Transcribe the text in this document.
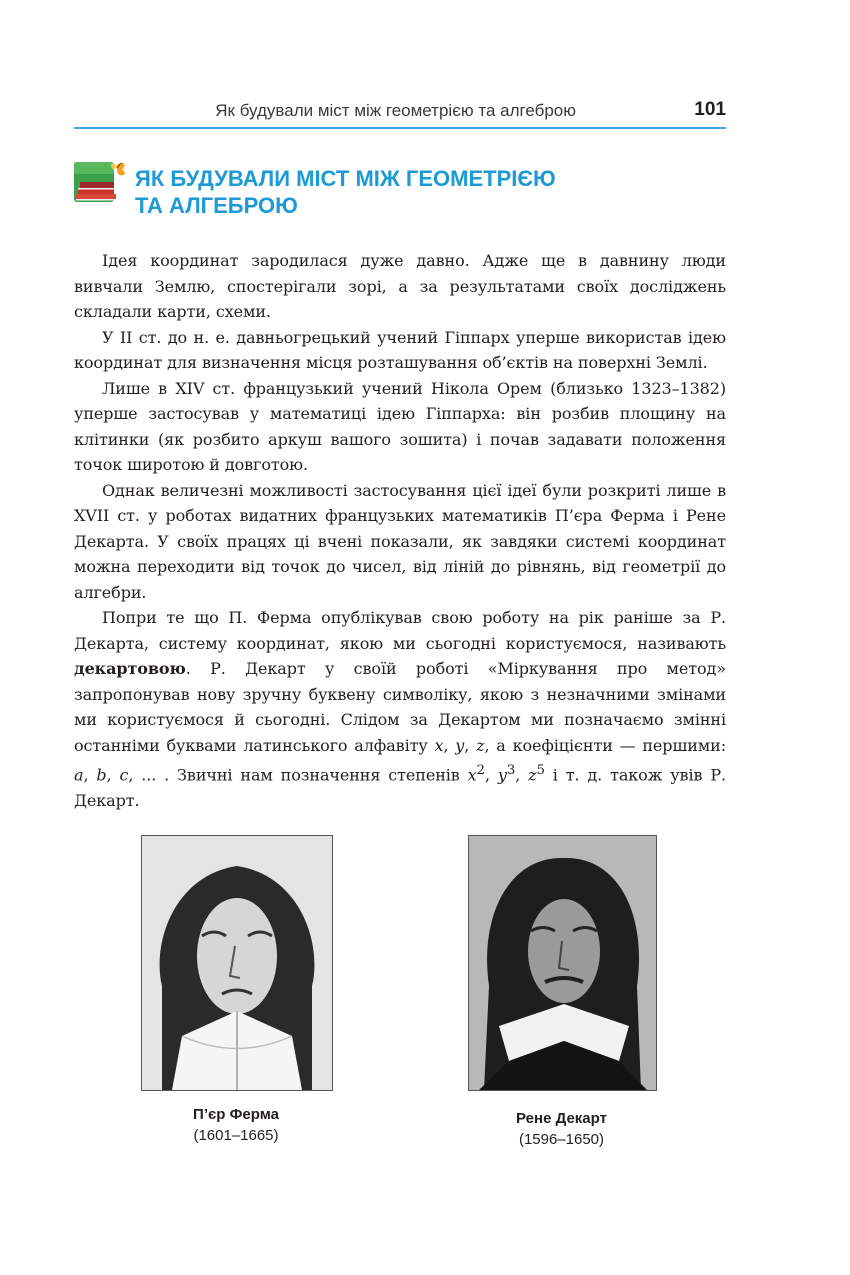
Як будували міст між геометрією та алгеброю	101
ЯК БУДУВАЛИ МІСТ МІЖ ГЕОМЕТРІЄЮ
ТА АЛГЕБРОЮ

Ідея координат зародилася дуже давно. Адже ще в давнину люди вивчали Землю, спостерігали зорі, а за результатами своїх досліджень складали карти, схеми.

У ІІ ст. до н. е. давньогрецький учений Гіппарх уперше використав ідею координат для визначення місця розташування об’єктів на поверхні Землі.

Лише в XIV ст. французький учений Нікола Орем (близько 1323–1382) уперше застосував у математиці ідею Гіппарха: він розбив площину на клітинки (як розбито аркуш вашого зошита) і почав задавати положення точок широтою й довготою.

Однак величезні можливості застосування цієї ідеї були розкриті лише в XVII ст. у роботах видатних французьких математиків П’єра Ферма і Рене Декарта. У своїх працях ці вчені показали, як завдяки системі координат можна переходити від точок до чисел, від ліній до рівнянь, від геометрії до алгебри.

Попри те що П. Ферма опублікував свою роботу на рік раніше за Р. Декарта, систему координат, якою ми сьогодні користуємося, називають декартовою. Р. Декарт у своїй роботі «Міркування про метод» запропонував нову зручну буквену символіку, якою з незначними змінами ми користуємося й сьогодні. Слідом за Декартом ми позначаємо змінні останніми буквами латинського алфавіту x, y, z, а коефіцієнти — першими: a, b, c, ... . Звичні нам позначення степенів $x^2$, $y^3$, $z^5$ і т. д. також увів Р. Декарт.

П’єр Ферма
(1601–1665)
Рене Декарт
(1596–1650)
